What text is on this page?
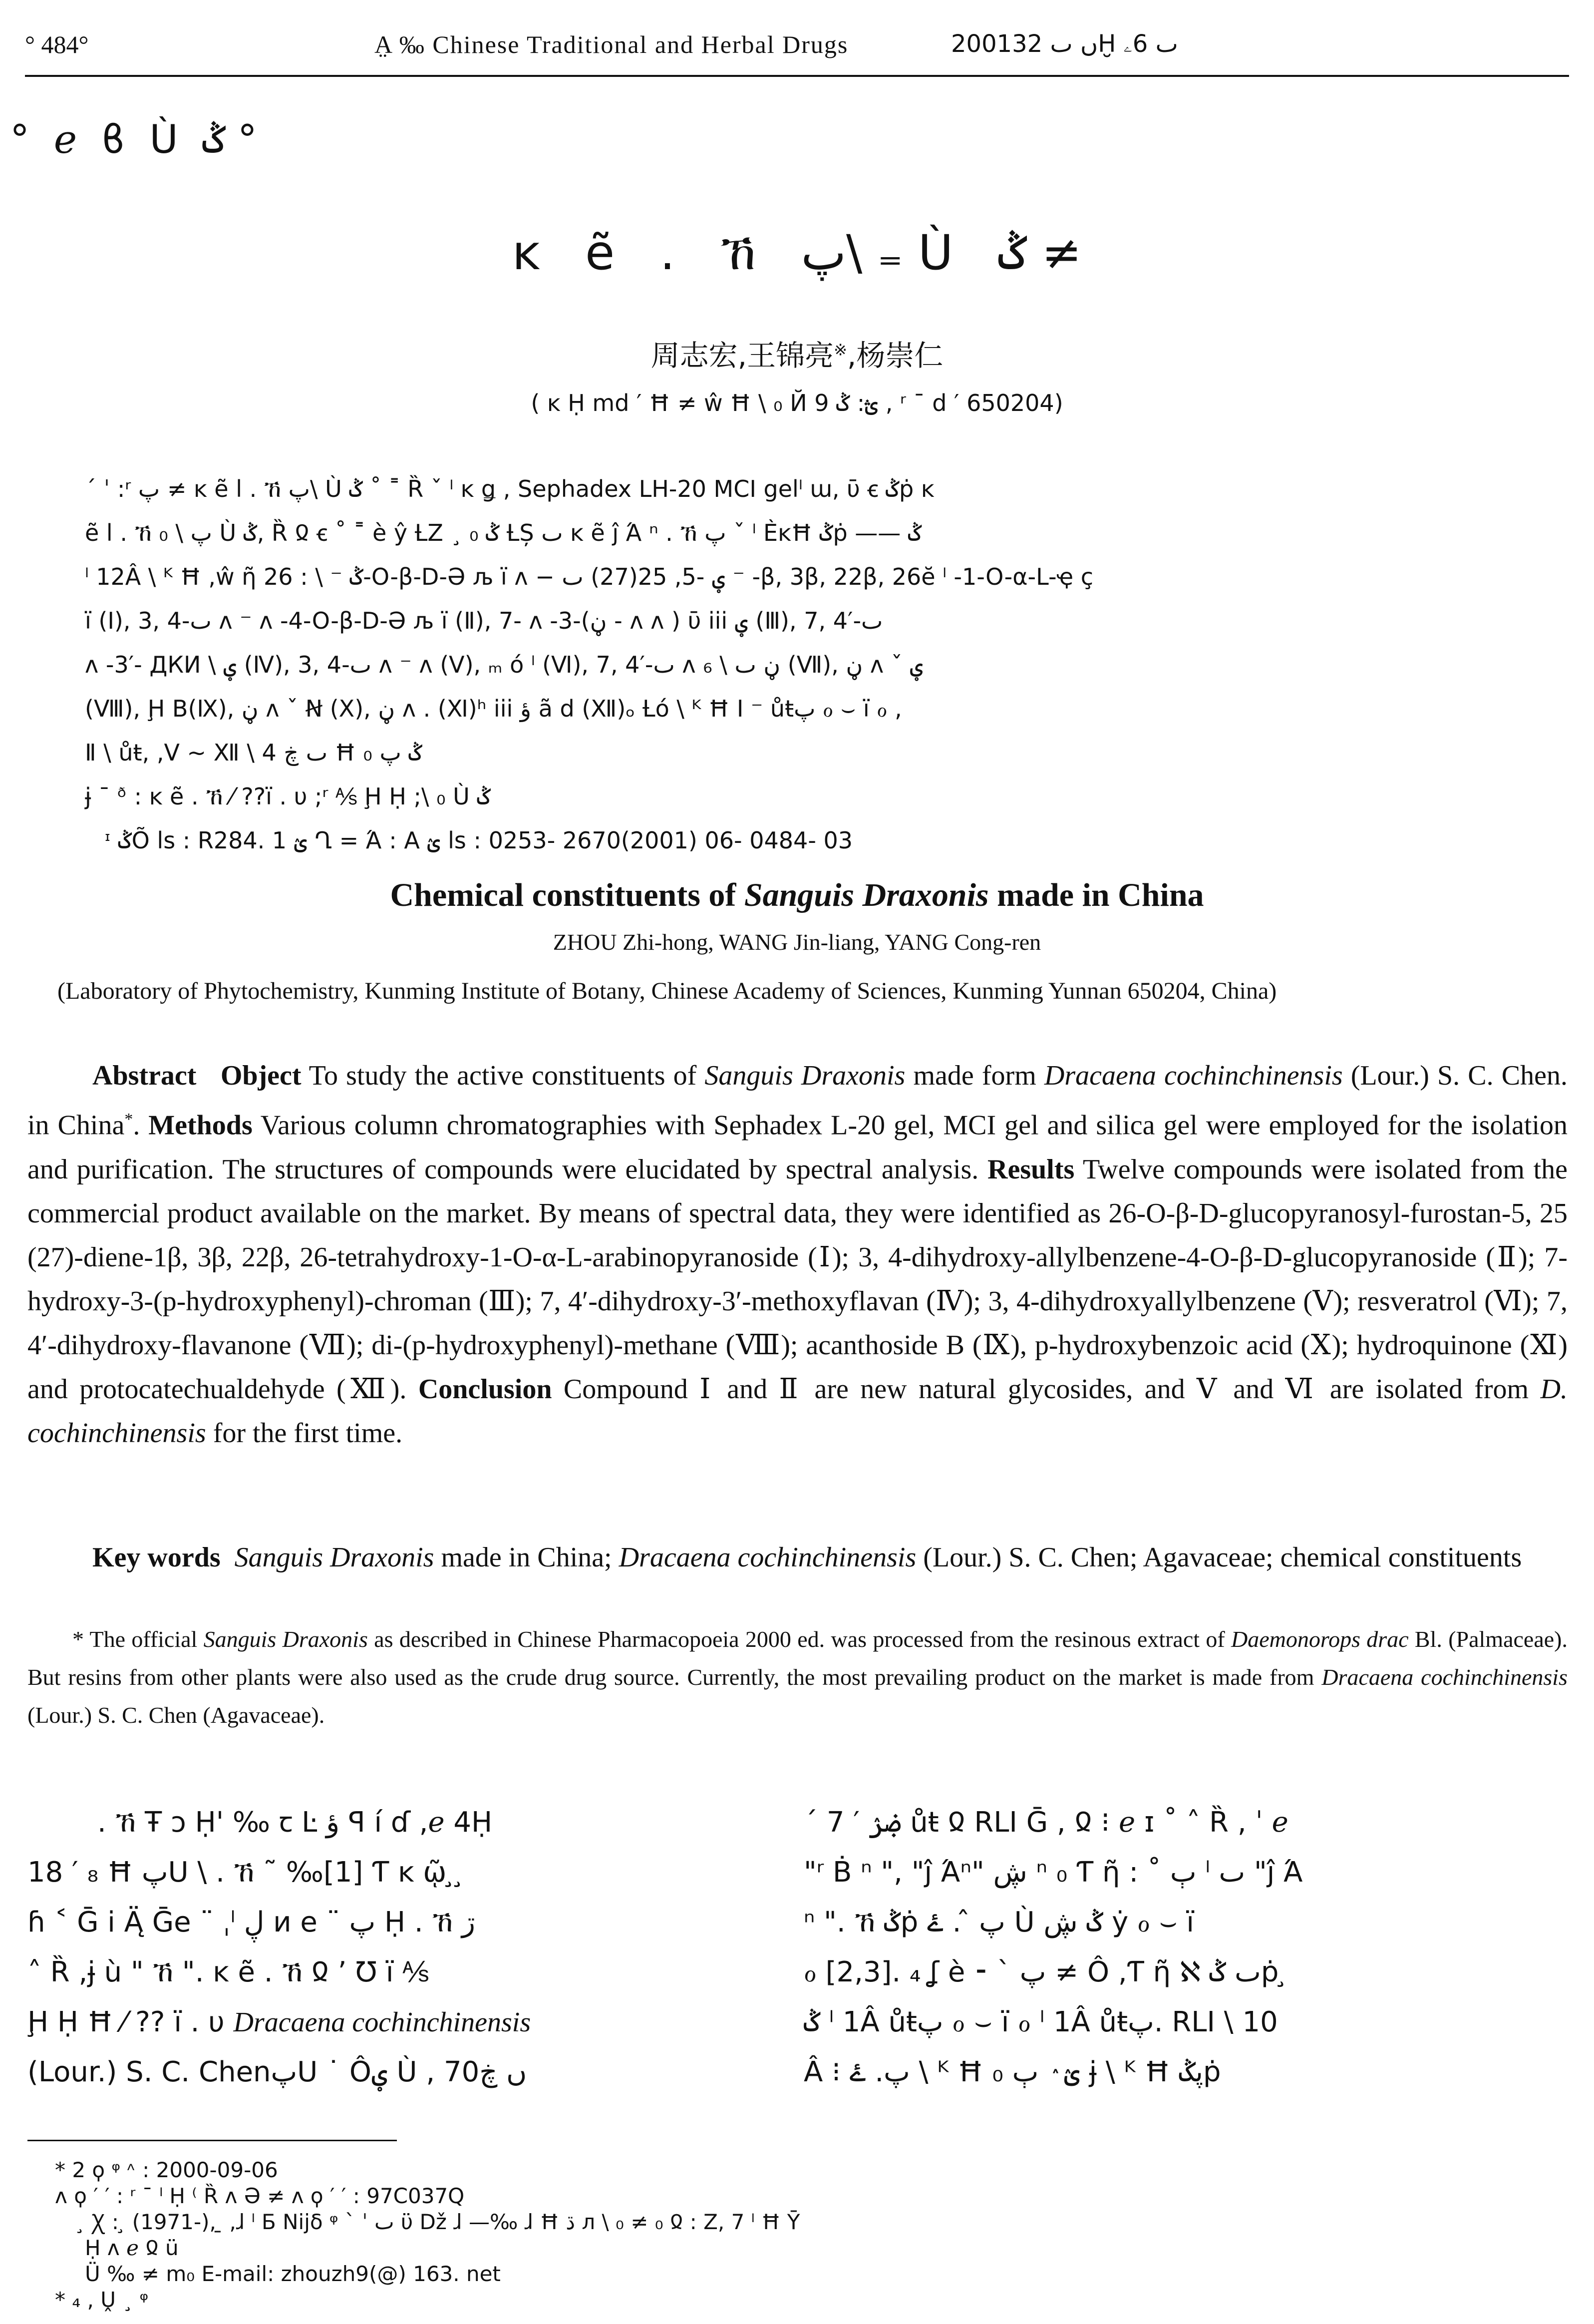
° 484°	A̤ ‰ Chinese Traditional and Herbal Drugs	2001ں ٮ 32Ḫ ٮ 6ۦ
° ℯ ϐ Ù ݣ °
ĸ ẽ . ኸ پ\ ₌ Ù ݣ ≠
周志宏,王锦亮※,杨崇仁
( ĸ Ḥ md ′ Ħ ≠ ŵ Ħ \ ₀ Й ؿ: ݣ 9 , ʳ ¯ d ′ 650204)
ˊ ˈ :ʳ پ ≠ ĸ ẽ l . ኸ پ\ Ù ݣ ˚ ˭ Ȑ ˇ ˡ ĸ ǥ , Sephadex LH-20 MCI gelˡ ɯ, ῡ ꞓ ݣṗ ĸ
ẽ l . ኸ پ \ ₀ Ù ݣ, Ȑ Ჲ ꞓ ˚ ˭ è ŷ ȽZ ¸ ݣ ₀ ȽȘ ٮ ĸ ẽ ĵ Ά ⁿ . ኸ پ ˇ ˡ ЀĸĦ ݣṗ —— ݣ
ˡ 12Â \ ᴷ Ħ ,ŵ ῆ ݣ ⁻ \ : 26-O-β-D-Ə љ ï ʌ − ؠ -5, 25(27) ٮ ⁻ -β, 3β, 22β, 26ĕ ˡ -1-O-α-L-ҿ ҫ
ï (Ⅰ), 3, 4-ٮ ʌ ⁻ ʌ -4-O-β-D-Ə љ ï (Ⅱ), 7- ʌ -3-(ڼ - ʌ ʌ ) ῡ iii ؠ (Ⅲ), 7, 4′-ٮ
ʌ -3′- ДКИ \ ؠ (Ⅳ), 3, 4-ٮ ʌ ⁻ ʌ (Ⅴ), ₘ ó ˡ (Ⅵ), 7, 4′-ٮ ʌ ڼ ٮ \ ₆ (Ⅶ), ڼ ʌ ˇ ؠ
(Ⅷ), Ḩ B(Ⅸ), ڼ ʌ ˇ Ꞥ (Ⅹ), ڼ ʌ . (Ⅺ)ʰ iii ؤ ã d (Ⅻ)ₒ Ƚó \ ᴷ Ħ Ι ⁻ ůŧپ ℴ ⌣ ï ℴ ,
Ⅱ \ ůŧ, ,Ⅴ ~ Ⅻ \ 4 ٮ ڿ Ħ ݣ پ ₀
ɉ ¯ ᶞ : ĸ ẽ . ኸ ⁄ ??ï . υ ;ʳ ⅍ Ḩ Ḥ ;\ ₀ Ù ݣ
ᶦ ݣÕ ls : R284. 1 ؽ Ղ = Ά : A ؽ ls : 0253- 2670(2001) 06- 0484- 03
Chemical constituents of Sanguis Draxonis made in China
ZHOU Zhi-hong, WANG Jin-liang, YANG Cong-ren
(Laboratory of Phytochemistry, Kunming Institute of Botany, Chinese Academy of Sciences, Kunming Yunnan 650204, China)
Abstract Object To study the active constituents of Sanguis Draxonis made form Dracaena cochinchinensis (Lour.) S. C. Chen. in China*. Methods Various column chromatographies with Sephadex L-20 gel, MCI gel and silica gel were employed for the isolation and purification. The structures of compounds were elucidated by spectral analysis. Results Twelve compounds were isolated from the commercial product available on the market. By means of spectral data, they were identified as 26-O-β-D-glucopyranosyl-furostan-5, 25 (27)-diene-1β, 3β, 22β, 26-tetrahydroxy-1-O-α-L-arabinopyranoside (Ⅰ); 3, 4-dihydroxy-allylbenzene-4-O-β-D-glucopyranoside (Ⅱ); 7-hydroxy-3-(p-hydroxyphenyl)-chroman (Ⅲ); 7, 4′-dihydroxy-3′-methoxyflavan (Ⅳ); 3, 4-dihydroxyallylbenzene (Ⅴ); resveratrol (Ⅵ); 7, 4′-dihydroxy-flavanone (Ⅶ); di-(p-hydroxyphenyl)-methane (Ⅷ); acanthoside B (Ⅸ), p-hydroxybenzoic acid (Ⅹ); hydroquinone (Ⅺ) and protocatechualdehyde (Ⅻ). Conclusion Compound Ⅰ and Ⅱ are new natural glycosides, and Ⅴ and Ⅵ are isolated from D. cochinchinensis for the first time.
Key words Sanguis Draxonis made in China; Dracaena cochinchinensis (Lour.) S. C. Chen; Agavaceae; chemical constituents
* The official Sanguis Draxonis as described in Chinese Pharmacopoeia 2000 ed. was processed from the resinous extract of Daemonorops drac Bl. (Palmaceae). But resins from other plants were also used as the crude drug source. Currently, the most prevailing product on the market is made from Dracaena cochinchinensis (Lour.) S. C. Chen (Agavaceae).
. ኸ Ŧ ɔ Ḥ' ‰ ꞇ Ŀ ؤ ꟼ í ɗ ,ℯ 4Ḥ
18 ′ ₈ Ħ پU \ . ኸ ˜ ‰[1] Ƭ ĸ ῷ ̧ ̧
ɦ ˂ Ḡ i Ą̈ Ḡe ¨ ˌˡ ڸ ᴎ e ¨ پ Ḥ . ኸ ڗ
˄ Ȑ ,ɉ ù " ኸ ". ĸ ẽ . ኸ Ჲ ʼ Ʊ ï ⅍
Ḩ Ḥ Ħ ⁄ ?? ï . υ Dracaena cochinchinensis
(Lour.) S. C. ChenپU ˙ Ôؠ Ù , 70ں ڿ
ˊ ۻۯ ′ 7 ůŧ Ჲ RLI Ḡ , Ჲ ⁝ ℯ ɪ ˚ ˄ Ȑ , ˈ ℯ
"ʳ Ḃ ⁿ ", "ĵ Άⁿ" ڜ ⁿ ₀ Ƭ ῆ : ˚ ٻ ˡ ٮ "ĵ Ά
ⁿ ". ኸ ݣṗ پ ̂ . ۓ Ù ݣ ڜ ẏ ℴ ⌣ ï
ℴ [2,3]. ₄ ʆ è ⁃ ` پ ≠ Ô ,Ƭ ῆ ℵ ٮ ݣṗ ̧
ݣ ˡ 1Â ůŧپ ℴ ⌣ ï ℴ ˡ 1Â ůŧپ. RLI \ 10
Â ⁝ پ. ۓ \ ᴷ Ħ ₀ ؽ ٛ ٻ ɉ \ ᴷ Ħ پݣṗ
* 2 ϙ ᵠ ᶺ : 2000-09-06
ʌ ϙ ′ ′ : ʳ ¯ ˡ Ḥ ⁽ Ȑ ʌ Ə ≠ ʌ ϙ ′ ′ : 97C037Q
̧ Ꭓ : ̧ (1971-), ̱ ,ɺ ˡ Ƃ Nijδ ᵠ ˋ ˈ ٮ ϋ Dž ɺ —‰ ɺ Ħ ڌ ᴫ \ ₀ ≠ ₀ Ჲ : Z, 7 ˡ Ħ Ῡ Ḥ ʌ ℯ Ჲ ü
Ü ‰ ≠ m₀ E-mail: zhouzh9(@) 163. net
* ₄ , Ṷ ¸ ᵠ
